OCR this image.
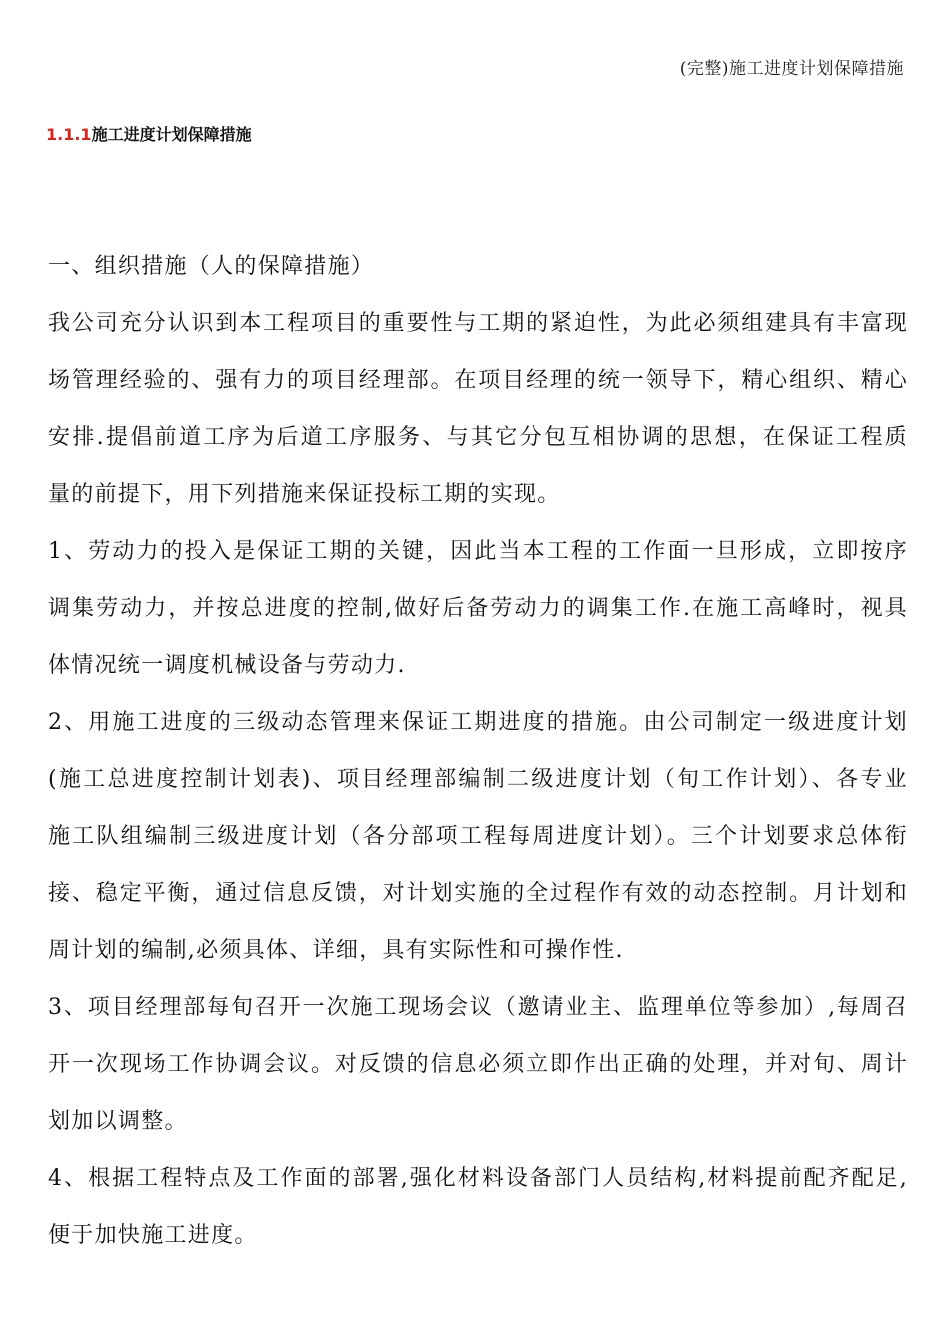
(完整)施工进度计划保障措施
1.1.1施工进度计划保障措施
一、组织措施（人的保障措施）
我公司充分认识到本工程项目的重要性与工期的紧迫性，为此必须组建具有丰富现
场管理经验的、强有力的项目经理部。在项目经理的统一领导下，精心组织、精心
安排.提倡前道工序为后道工序服务、与其它分包互相协调的思想，在保证工程质
量的前提下，用下列措施来保证投标工期的实现。
1、劳动力的投入是保证工期的关键，因此当本工程的工作面一旦形成，立即按序
调集劳动力，并按总进度的控制,做好后备劳动力的调集工作.在施工高峰时，视具
体情况统一调度机械设备与劳动力.
2、用施工进度的三级动态管理来保证工期进度的措施。由公司制定一级进度计划
(施工总进度控制计划表)、项目经理部编制二级进度计划（旬工作计划）、各专业
施工队组编制三级进度计划（各分部项工程每周进度计划）。三个计划要求总体衔
接、稳定平衡，通过信息反馈，对计划实施的全过程作有效的动态控制。月计划和
周计划的编制,必须具体、详细，具有实际性和可操作性.
3、项目经理部每旬召开一次施工现场会议（邀请业主、监理单位等参加）,每周召
开一次现场工作协调会议。对反馈的信息必须立即作出正确的处理，并对旬、周计
划加以调整。
4、根据工程特点及工作面的部署,强化材料设备部门人员结构,材料提前配齐配足,
便于加快施工进度。
